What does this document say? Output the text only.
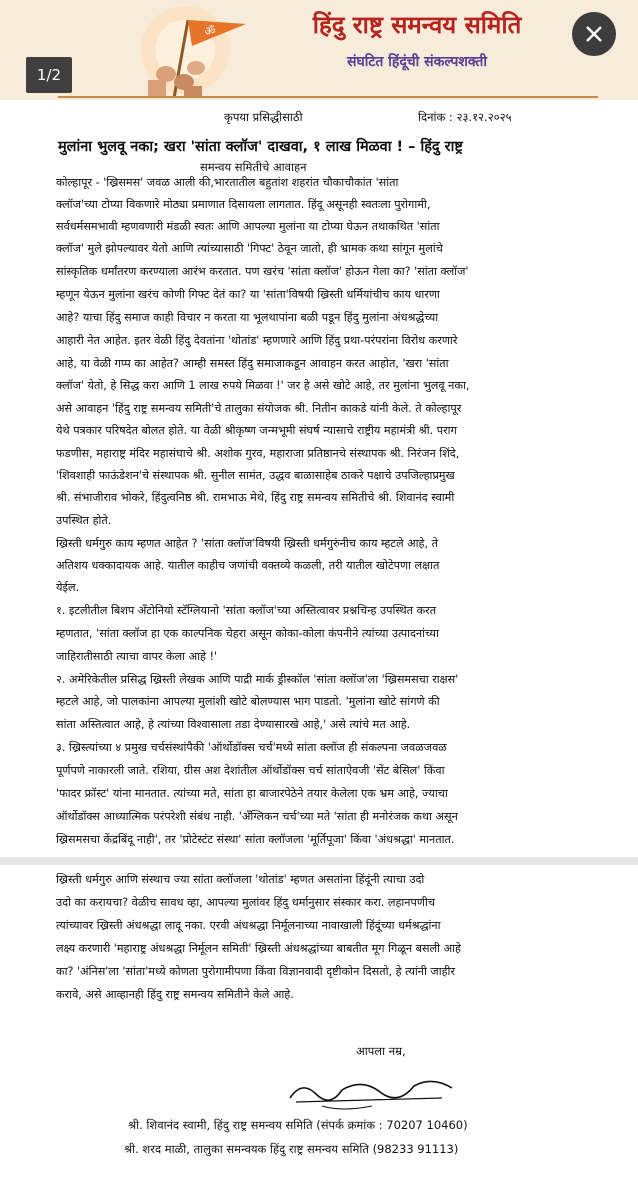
ॐ	हिंदु राष्ट्र समन्वय समिति
संघटित हिंदूंची संकल्पशक्ती
1/2
कृपया प्रसिद्धीसाठी	दिनांक : २३.१२.२०२५
मुलांना भुलवू नका; खरा 'सांता क्लॉज' दाखवा, १ लाख मिळवा ! – हिंदु राष्ट्र
समन्वय समितीचे आवाहन
कोल्हापूर - 'ख्रिसमस' जवळ आली की,भारतातील बहुतांश शहरांत चौकाचौकांत 'सांता
क्लॉज'च्या टोप्या विकणारे मोठ्या प्रमाणात दिसायला लागतात. हिंदू असूनही स्वतःला पुरोगामी,
सर्वधर्मसमभावी म्हणवणारी मंडळी स्वतः आणि आपल्या मुलांना या टोप्या घेऊन तथाकथित 'सांता
क्लॉज' मुले झोपल्यावर येतो आणि त्यांच्यासाठी 'गिफ्ट' ठेवून जातो, ही भ्रामक कथा सांगून मुलांचे
सांस्कृतिक धर्मांतरण करण्याला आरंभ करतात. पण खरंच 'सांता क्लॉज' होऊन गेला का? 'सांता क्लॉज'
म्हणून येऊन मुलांना खरंच कोणी गिफ्ट देतं का? या 'सांता'विषयी ख्रिस्ती धर्मियांचीच काय धारणा
आहे? याचा हिंदु समाज काही विचार न करता या भूलथापांना बळी पडून हिंदु मुलांना अंधश्रद्धेच्या
आहारी नेत आहेत. इतर वेळी हिंदु देवतांना 'थोतांड' म्हणणारे आणि हिंदु प्रथा-परंपरांना विरोध करणारे
आहे, या वेळी गप्प का आहेत? आम्ही समस्त हिंदु समाजाकडून आवाहन करत आहोत, 'खरा 'सांता
क्लॉज' येतो, हे सिद्ध करा आणि 1 लाख रुपये मिळवा !' जर हे असे खोटे आहे, तर मुलांना भुलवू नका,
असे आवाहन 'हिंदु राष्ट्र समन्वय समिती'चे तालुका संयोजक श्री. नितीन काकडे यांनी केले. ते कोल्हापूर
येथे पत्रकार परिषदेत बोलत होते. या वेळी श्रीकृष्ण जन्मभूमी संघर्ष न्यासाचे राष्ट्रीय महामंत्री श्री. पराग
फडणीस, महाराष्ट्र मंदिर महासंघाचे श्री. अशोक गुरव, महाराजा प्रतिष्ठानचे संस्थापक श्री. निरंजन शिंदे,
'शिवशाही फाऊंडेशन'चे संस्थापक श्री. सुनील सामंत, उद्धव बाळासाहेब ठाकरे पक्षाचे उपजिल्हाप्रमुख
श्री. संभाजीराव भोकरे, हिंदुत्वनिष्ठ श्री. रामभाऊ मेथे, हिंदु राष्ट्र समन्वय समितीचे श्री. शिवानंद स्वामी
उपस्थित होते.
ख्रिस्ती धर्मगुरु काय म्हणत आहेत ? 'सांता क्लॉज'विषयी ख्रिस्ती धर्मगुरुंनीच काय म्हटले आहे, ते
अतिशय धक्कादायक आहे. यातील काहीच जणांची वक्तव्ये कळली, तरी यातील खोटेपणा लक्षात
येईल.
१. इटलीतील बिशप अँटोनियो स्टॅग्लियानो 'सांता क्लॉज'च्या अस्तित्वावर प्रश्नचिन्ह उपस्थित करत
म्हणतात, 'सांता क्लॉज हा एक काल्पनिक चेहरा असून कोका-कोला कंपनीने त्यांच्या उत्पादनांच्या
जाहिरातीसाठी त्याचा वापर केला आहे !'
२. अमेरिकेतील प्रसिद्ध ख्रिस्ती लेखक आणि पाद्री मार्क ड्रीस्कॉल 'सांता क्लॉज'ला 'ख्रिसमसचा राक्षस'
म्हटले आहे, जो पालकांना आपल्या मुलांशी खोटे बोलण्यास भाग पाडतो. 'मुलांना खोटे सांगणे की
सांता अस्तित्वात आहे, हे त्यांच्या विश्वासाला तडा देण्यासारखे आहे,' असे त्यांचे मत आहे.
३. ख्रिस्त्यांच्या ४ प्रमुख चर्चसंस्थांपैकी 'ऑर्थोडॉक्स चर्च'मध्ये सांता क्लॉज ही संकल्पना जवळजवळ
पूर्णपणे नाकारली जाते. रशिया, ग्रीस अश देशांतील ऑर्थोडॉक्स चर्च सांताऐवजी 'सेंट बेसिल' किंवा
'फादर फ्रॉस्ट' यांना मानतात. त्यांच्या मते, सांता हा बाजारपेठेने तयार केलेला एक भ्रम आहे, ज्याचा
ऑर्थोडॉक्स आध्यात्मिक परंपरेशी संबंध नाही. 'अँग्लिकन चर्च'च्या मते 'सांता ही मनोरंजक कथा असून
ख्रिसमसचा केंद्रबिंदू नाही', तर 'प्रोटेस्टंट संस्था' सांता क्लॉजला 'मूर्तिपूजा' किंवा 'अंधश्रद्धा' मानतात.
ख्रिस्ती धर्मगुरु आणि संस्थाच ज्या सांता क्लॉजला 'थोतांड' म्हणत असतांना हिंदूंनी त्याचा उदो
उदो का करायचा? वेळीच सावध व्हा, आपल्या मुलांवर हिंदु धर्मानुसार संस्कार करा. लहानपणीच
त्यांच्यावर ख्रिस्ती अंधश्रद्धा लादू नका. एरवी अंधश्रद्धा निर्मूलनाच्या नावाखाली हिंदूंच्या धर्मश्रद्धांना
लक्ष्य करणारी 'महाराष्ट्र अंधश्रद्धा निर्मूलन समिती' ख्रिस्ती अंधश्रद्धांच्या बाबतीत मूग गिळून बसली आहे
का? 'अंनिस'ला 'सांता'मध्ये कोणता पुरोगामीपणा किंवा विज्ञानवादी दृष्टीकोन दिसतो, हे त्यांनी जाहीर
करावे, असे आव्हानही हिंदु राष्ट्र समन्वय समितीने केले आहे.
आपला नम्र,
श्री. शिवानंद स्वामी, हिंदु राष्ट्र समन्वय समिति (संपर्क क्रमांक : 70207 10460)
श्री. शरद माळी, तालुका समन्वयक हिंदु राष्ट्र समन्वय समिति (98233 91113)
